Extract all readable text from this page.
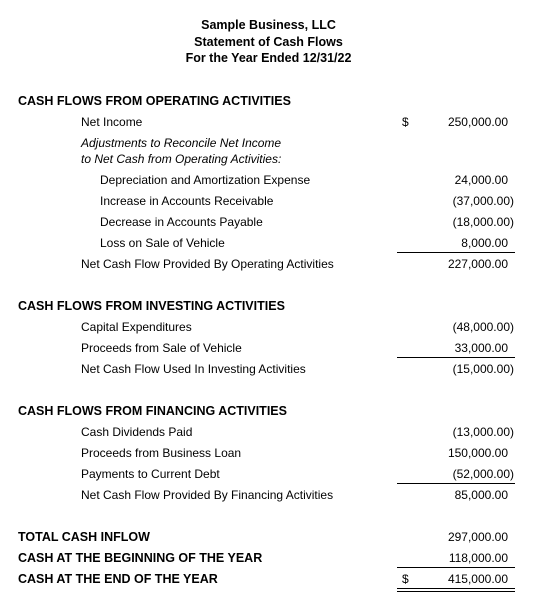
Sample Business, LLC
Statement of Cash Flows
For the Year Ended 12/31/22
CASH FLOWS FROM OPERATING ACTIVITIES
Net Income	$	250,000.00
Adjustments to Reconcile Net Income
to Net Cash from Operating Activities:
Depreciation and Amortization Expense	24,000.00
Increase in Accounts Receivable	(37,000.00)
Decrease in Accounts Payable	(18,000.00)
Loss on Sale of Vehicle	8,000.00
Net Cash Flow Provided By Operating Activities	227,000.00
CASH FLOWS FROM INVESTING ACTIVITIES
Capital Expenditures	(48,000.00)
Proceeds from Sale of Vehicle	33,000.00
Net Cash Flow Used In Investing Activities	(15,000.00)
CASH FLOWS FROM FINANCING ACTIVITIES
Cash Dividends Paid	(13,000.00)
Proceeds from Business Loan	150,000.00
Payments to Current Debt	(52,000.00)
Net Cash Flow Provided By Financing Activities	85,000.00
TOTAL CASH INFLOW	297,000.00
CASH AT THE BEGINNING OF THE YEAR	118,000.00
CASH AT THE END OF THE YEAR	$	415,000.00
